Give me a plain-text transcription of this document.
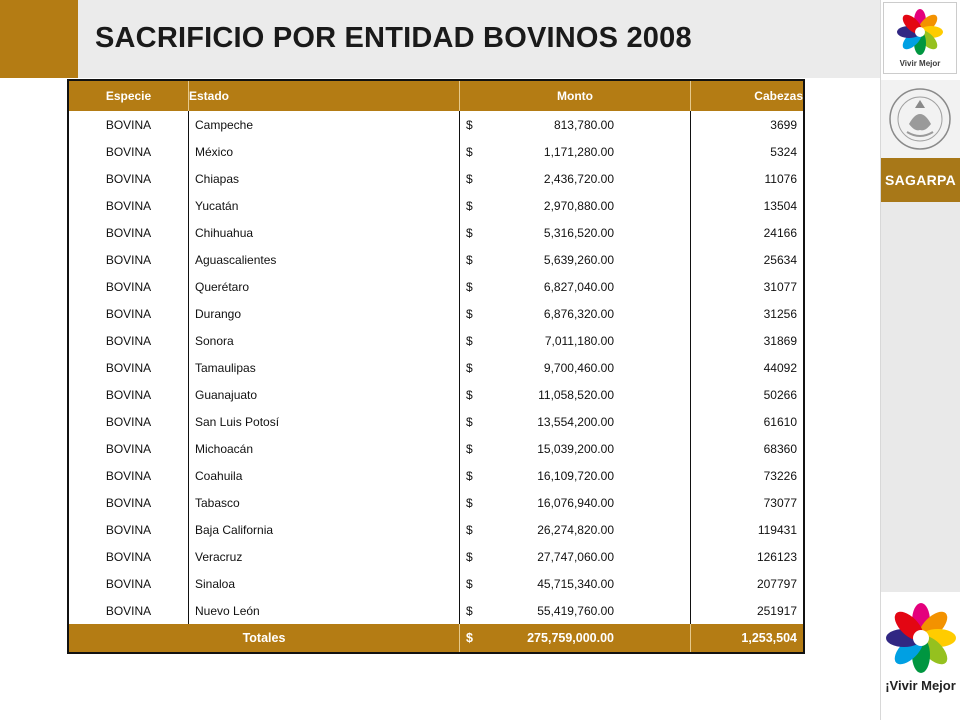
SACRIFICIO POR ENTIDAD BOVINOS 2008
Vivir Mejor
SAGARPA
¡Vivir Mejor
Especie	Estado	Monto	Cabezas
BOVINA	Campeche	$ 813,780.00	3699
BOVINA	México	$ 1,171,280.00	5324
BOVINA	Chiapas	$ 2,436,720.00	11076
BOVINA	Yucatán	$ 2,970,880.00	13504
BOVINA	Chihuahua	$ 5,316,520.00	24166
BOVINA	Aguascalientes	$ 5,639,260.00	25634
BOVINA	Querétaro	$ 6,827,040.00	31077
BOVINA	Durango	$ 6,876,320.00	31256
BOVINA	Sonora	$ 7,011,180.00	31869
BOVINA	Tamaulipas	$ 9,700,460.00	44092
BOVINA	Guanajuato	$ 11,058,520.00	50266
BOVINA	San Luis Potosí	$ 13,554,200.00	61610
BOVINA	Michoacán	$ 15,039,200.00	68360
BOVINA	Coahuila	$ 16,109,720.00	73226
BOVINA	Tabasco	$ 16,076,940.00	73077
BOVINA	Baja California	$ 26,274,820.00	119431
BOVINA	Veracruz	$ 27,747,060.00	126123
BOVINA	Sinaloa	$ 45,715,340.00	207797
BOVINA	Nuevo León	$ 55,419,760.00	251917
Totales		$ 275,759,000.00	1,253,504
